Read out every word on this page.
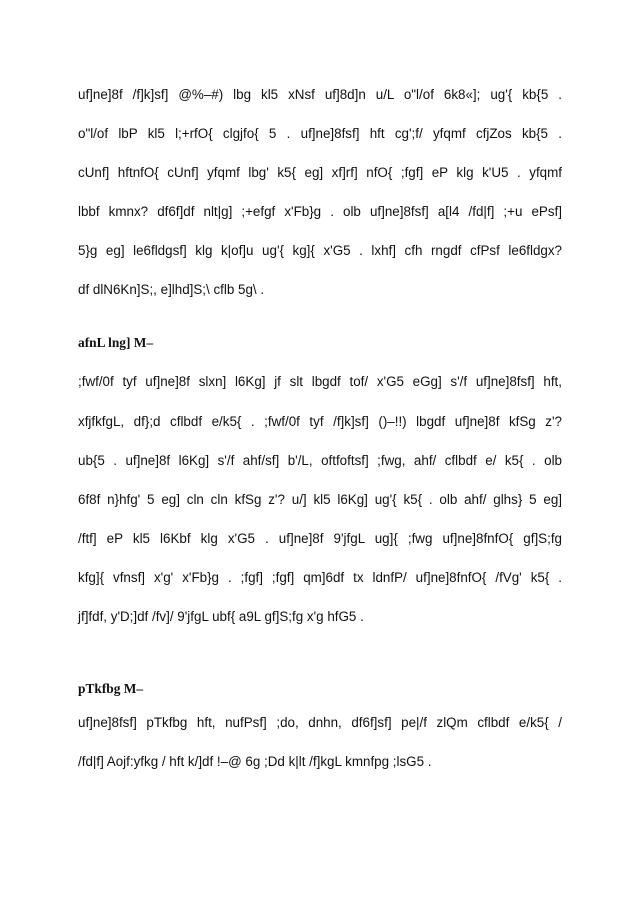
uf]ne]8f /f]k]sf] @%–#) lbg kl5 xNsf uf]8d]n u/L o"l/of 6k8«]; ug'{ kb{5 .
o"l/of lbP kl5 l;+rfO{ clgjfo{ 5 . uf]ne]8fsf] hft cg';f/ yfqmf cfjZos kb{5 .
cUnf] hftnfO{ cUnf] yfqmf lbg' k5{ eg] xf]rf] nfO{ ;fgf] eP klg k'U5 . yfqmf
lbbf kmnx? df6f]df nlt|g] ;+efgf x'Fb}g . olb uf]ne]8fsf] a[l4 /fd|f] ;+u ePsf]
5}g eg] le6fldgsf] klg k|of]u ug'{ kg]{ x'G5 . lxhf] cfh rngdf cfPsf le6fldgx?
df dlN6Kn]S;, e]lhd]S;\ cflb 5g\ .
afnL lng] M–
;fwf/0f tyf uf]ne]8f slxn] l6Kg] jf slt lbgdf tof/ x'G5 eGg] s'/f uf]ne]8fsf] hft,
xfjfkfgL, df};d cflbdf e/k5{ . ;fwf/0f tyf /f]k]sf] ()–!!) lbgdf uf]ne]8f kfSg z'?
ub{5 . uf]ne]8f l6Kg] s'/f ahf/sf] b'/L, oftfoftsf] ;fwg, ahf/ cflbdf e/ k5{ . olb
6f8f n}hfg' 5 eg] cln cln kfSg z'? u/] kl5 l6Kg] ug'{ k5{ . olb ahf/ glhs} 5 eg]
/ftf] eP kl5 l6Kbf klg x'G5 . uf]ne]8f 9'jfgL ug]{ ;fwg uf]ne]8fnfO{ gf]S;fg
kfg]{ vfnsf] x'g' x'Fb}g . ;fgf] ;fgf] qm]6df tx ldnfP/ uf]ne]8fnfO{ /fVg' k5{ .
jf]fdf, y'D;]df /fv]/ 9'jfgL ubf{ a9L gf]S;fg x'g hfG5 .
pTkfbg M–
uf]ne]8fsf] pTkfbg hft, nufPsf] ;do, dnhn, df6f]sf] pe|/f zlQm cflbdf e/k5{ /
/fd|f] Aojf:yfkg / hft k/]df !–@ 6g ;Dd k|lt /f]kgL kmnfpg ;lsG5 .
